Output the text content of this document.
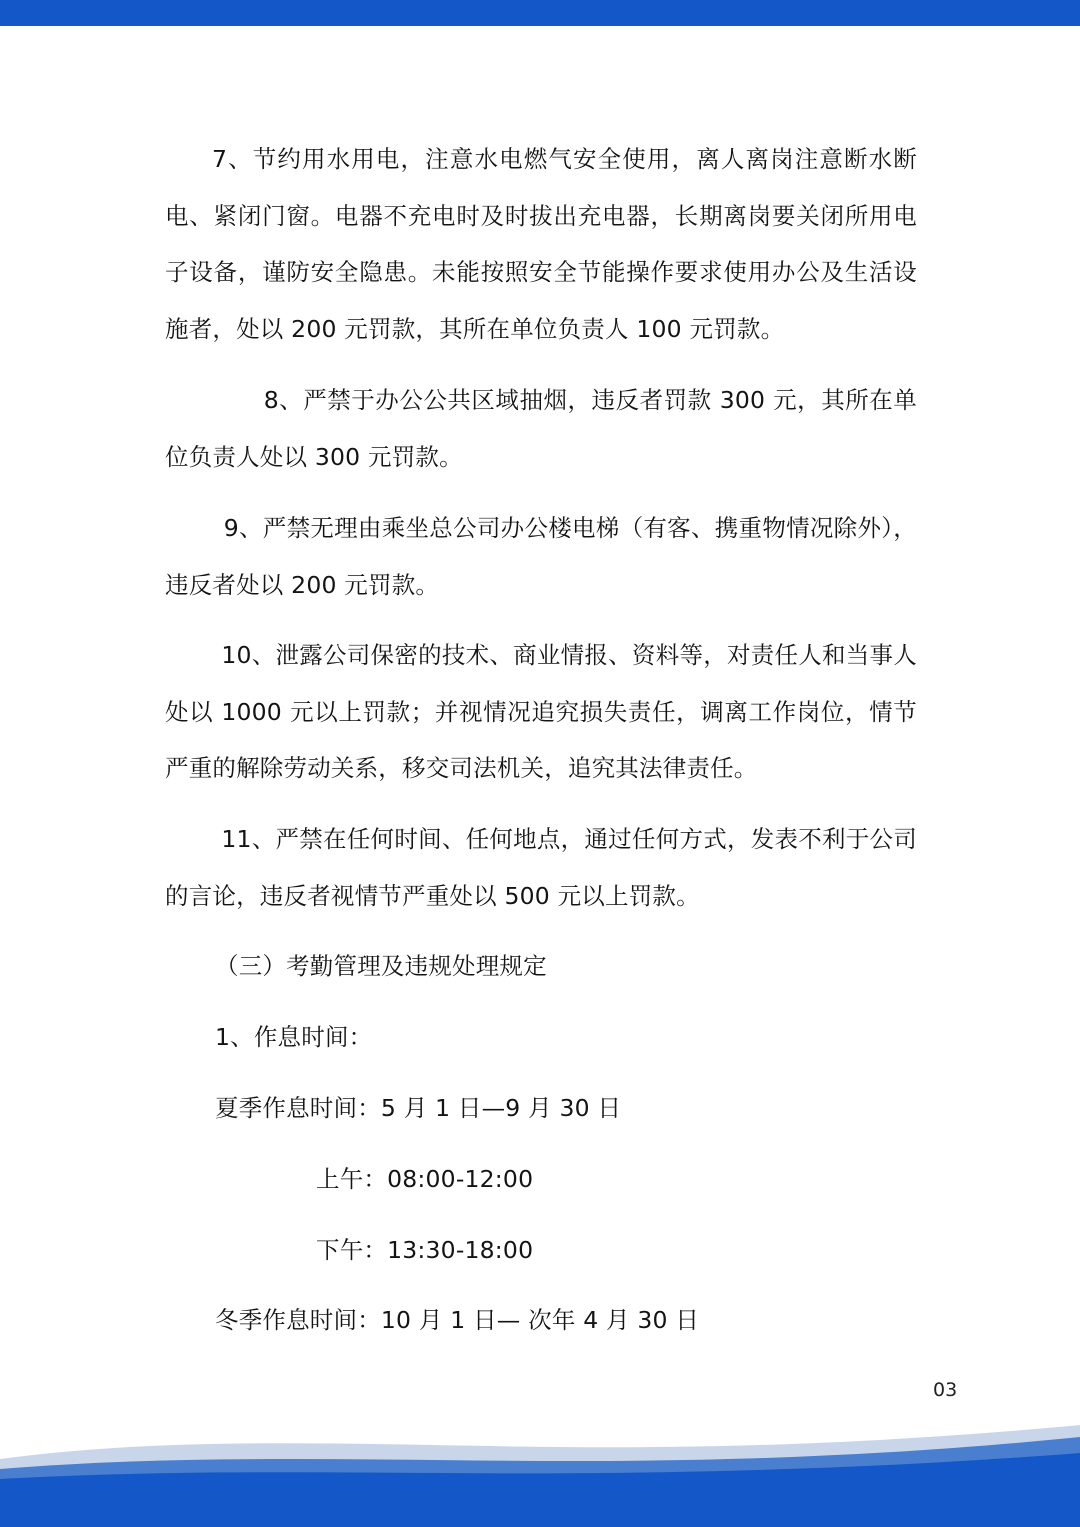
7、节约用水用电，注意水电燃气安全使用，离人离岗注意断水断电、紧闭门窗。电器不充电时及时拔出充电器，长期离岗要关闭所用电子设备，谨防安全隐患。未能按照安全节能操作要求使用办公及生活设施者，处以 200 元罚款，其所在单位负责人 100 元罚款。

8、严禁于办公公共区域抽烟，违反者罚款 300 元，其所在单位负责人处以 300 元罚款。

9、严禁无理由乘坐总公司办公楼电梯（有客、携重物情况除外），违反者处以 200 元罚款。

10、泄露公司保密的技术、商业情报、资料等，对责任人和当事人处以 1000 元以上罚款；并视情况追究损失责任，调离工作岗位，情节严重的解除劳动关系，移交司法机关，追究其法律责任。

11、严禁在任何时间、任何地点，通过任何方式，发表不利于公司的言论，违反者视情节严重处以 500 元以上罚款。

（三）考勤管理及违规处理规定

1、作息时间：

夏季作息时间：5 月 1 日—9 月 30 日

上午：08:00-12:00

下午：13:30-18:00

冬季作息时间：10 月 1 日— 次年 4 月 30 日

03
